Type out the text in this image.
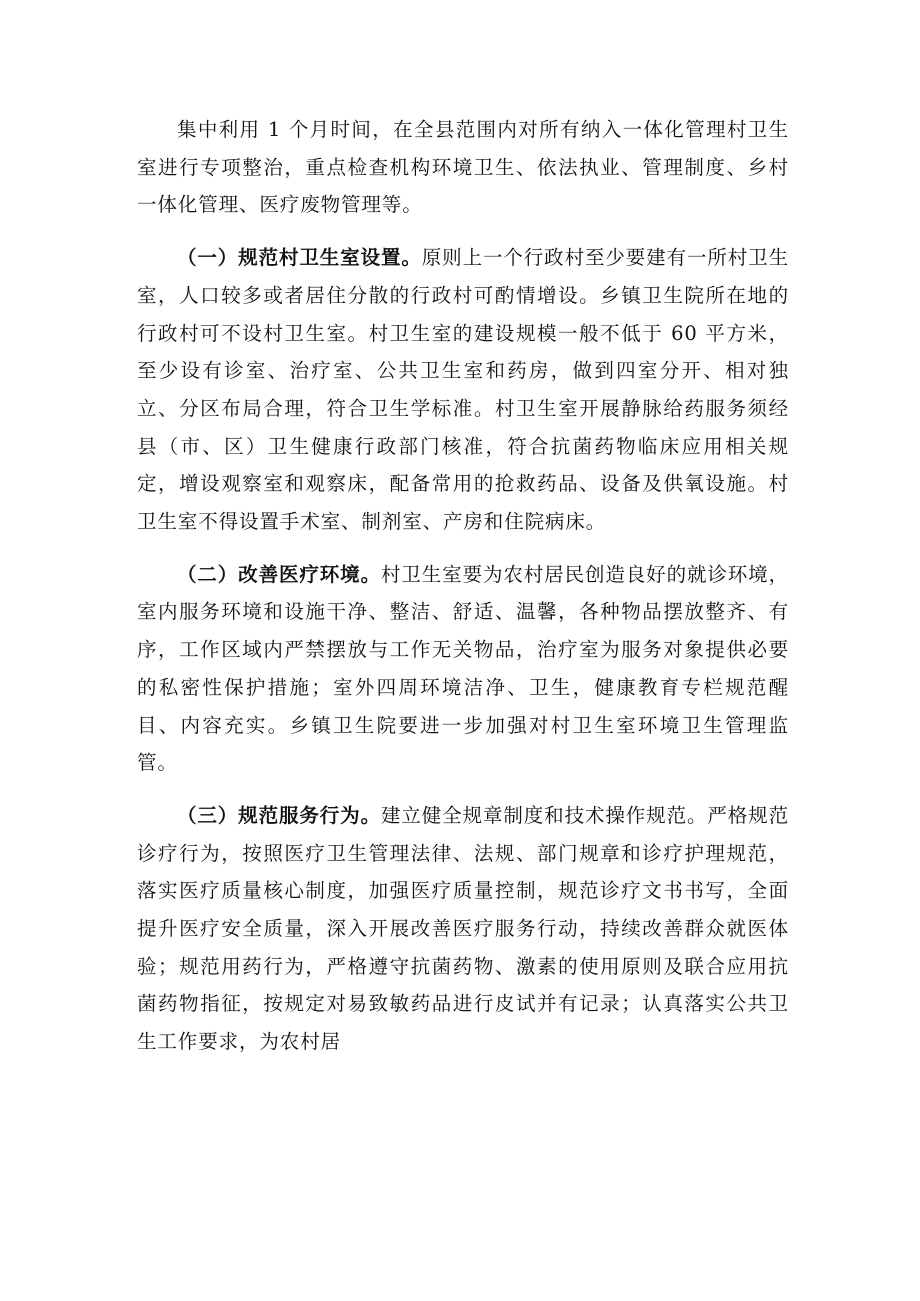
集中利用 1 个月时间，在全县范围内对所有纳入一体化管理村卫生室进行专项整治，重点检查机构环境卫生、依法执业、管理制度、乡村一体化管理、医疗废物管理等。

（一）规范村卫生室设置。原则上一个行政村至少要建有一所村卫生室，人口较多或者居住分散的行政村可酌情增设。乡镇卫生院所在地的行政村可不设村卫生室。村卫生室的建设规模一般不低于 60 平方米，至少设有诊室、治疗室、公共卫生室和药房，做到四室分开、相对独立、分区布局合理，符合卫生学标准。村卫生室开展静脉给药服务须经县（市、区）卫生健康行政部门核准，符合抗菌药物临床应用相关规定，增设观察室和观察床，配备常用的抢救药品、设备及供氧设施。村卫生室不得设置手术室、制剂室、产房和住院病床。

（二）改善医疗环境。村卫生室要为农村居民创造良好的就诊环境，室内服务环境和设施干净、整洁、舒适、温馨，各种物品摆放整齐、有序，工作区域内严禁摆放与工作无关物品，治疗室为服务对象提供必要的私密性保护措施；室外四周环境洁净、卫生，健康教育专栏规范醒目、内容充实。乡镇卫生院要进一步加强对村卫生室环境卫生管理监管。

（三）规范服务行为。建立健全规章制度和技术操作规范。严格规范诊疗行为，按照医疗卫生管理法律、法规、部门规章和诊疗护理规范，落实医疗质量核心制度，加强医疗质量控制，规范诊疗文书书写，全面提升医疗安全质量，深入开展改善医疗服务行动，持续改善群众就医体验；规范用药行为，严格遵守抗菌药物、激素的使用原则及联合应用抗菌药物指征，按规定对易致敏药品进行皮试并有记录；认真落实公共卫生工作要求，为农村居
